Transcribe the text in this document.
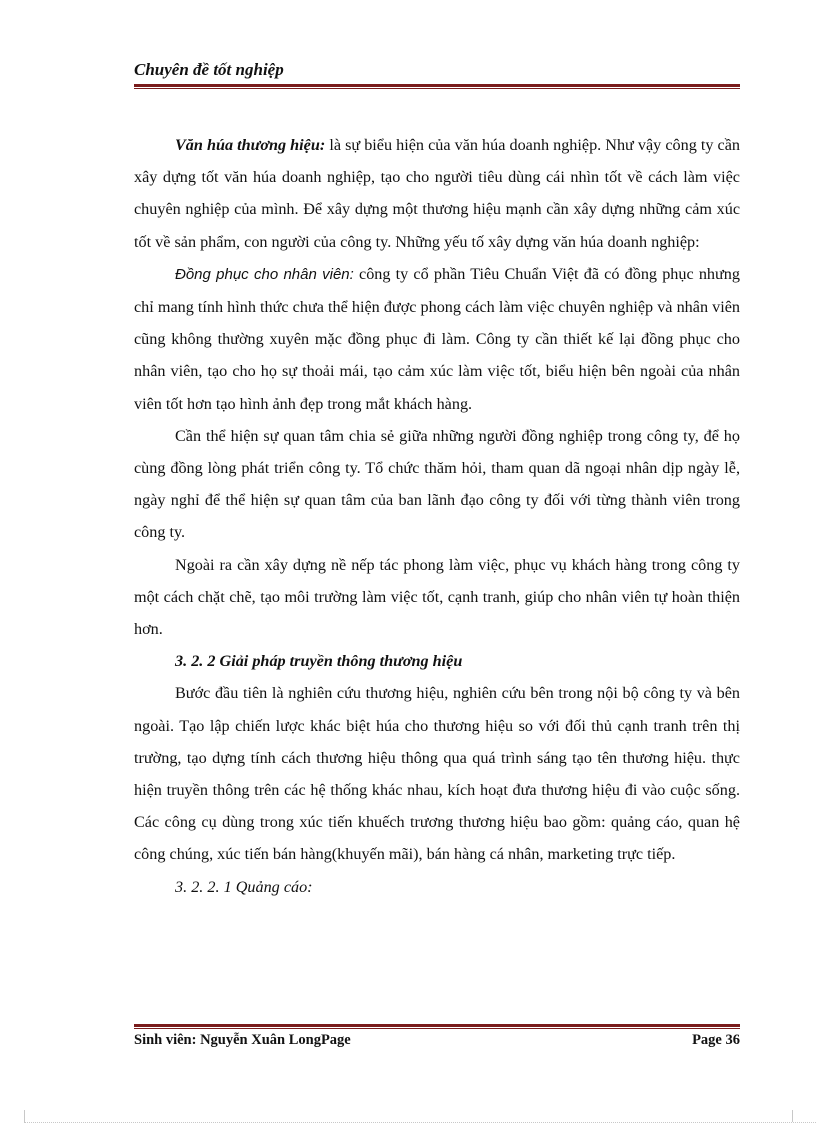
Chuyên đề tốt nghiệp

Văn húa thương hiệu: là sự biểu hiện của văn húa doanh nghiệp. Như vậy công ty cần xây dựng tốt văn húa doanh nghiệp, tạo cho người tiêu dùng cái nhìn tốt về cách làm việc chuyên nghiệp của mình. Để xây dựng một thương hiệu mạnh cần xây dựng những cảm xúc tốt về sản phẩm, con người của công ty. Những yếu tố xây dựng văn húa doanh nghiệp:

Đồng phục cho nhân viên: công ty cổ phần Tiêu Chuẩn Việt đã có đồng phục nhưng chỉ mang tính hình thức chưa thể hiện được phong cách làm việc chuyên nghiệp và nhân viên cũng không thường xuyên mặc đồng phục đi làm. Công ty cần thiết kế lại đồng phục cho nhân viên, tạo cho họ sự thoải mái, tạo cảm xúc làm việc tốt, biểu hiện bên ngoài của nhân viên tốt hơn tạo hình ảnh đẹp trong mắt khách hàng.

Cần thể hiện sự quan tâm chia sẻ giữa những người đồng nghiệp trong công ty, để họ cùng đồng lòng phát triển công ty. Tổ chức thăm hỏi, tham quan dã ngoại nhân dịp ngày lễ, ngày nghỉ để thể hiện sự quan tâm của ban lãnh đạo công ty đối với từng thành viên trong công ty.

Ngoài ra cần xây dựng nề nếp tác phong làm việc, phục vụ khách hàng trong công ty một cách chặt chẽ, tạo môi trường làm việc tốt, cạnh tranh, giúp cho nhân viên tự hoàn thiện hơn.

3. 2. 2 Giải pháp truyền thông thương hiệu

Bước đầu tiên là nghiên cứu thương hiệu, nghiên cứu bên trong nội bộ công ty và bên ngoài. Tạo lập chiến lược khác biệt húa cho thương hiệu so với đối thủ cạnh tranh trên thị trường, tạo dựng tính cách thương hiệu thông qua quá trình sáng tạo tên thương hiệu. thực hiện truyền thông trên các hệ thống khác nhau, kích hoạt đưa thương hiệu đi vào cuộc sống. Các công cụ dùng trong xúc tiến khuếch trương thương hiệu bao gồm: quảng cáo, quan hệ công chúng, xúc tiến bán hàng(khuyến mãi), bán hàng cá nhân, marketing trực tiếp.

3. 2. 2. 1 Quảng cáo:
Sinh viên: Nguyễn Xuân LongPage	Page 36
